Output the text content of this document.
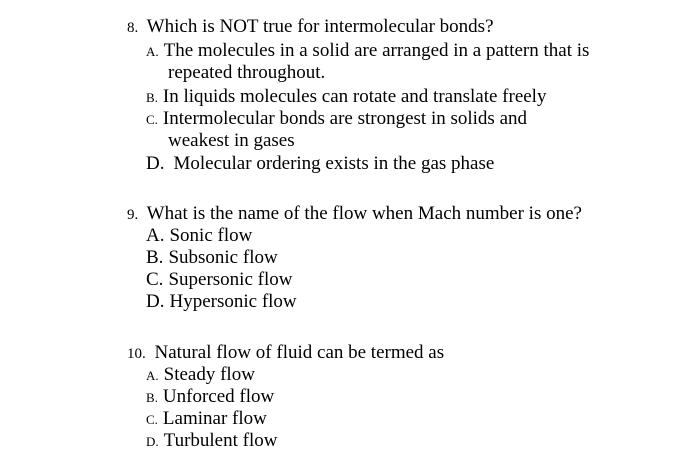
8. Which is NOT true for intermolecular bonds?
A. The molecules in a solid are arranged in a pattern that is
repeated throughout.
B. In liquids molecules can rotate and translate freely
C. Intermolecular bonds are strongest in solids and
weakest in gases
D. Molecular ordering exists in the gas phase
9. What is the name of the flow when Mach number is one?
A. Sonic flow
B. Subsonic flow
C. Supersonic flow
D. Hypersonic flow
10. Natural flow of fluid can be termed as
A. Steady flow
B. Unforced flow
C. Laminar flow
D. Turbulent flow
